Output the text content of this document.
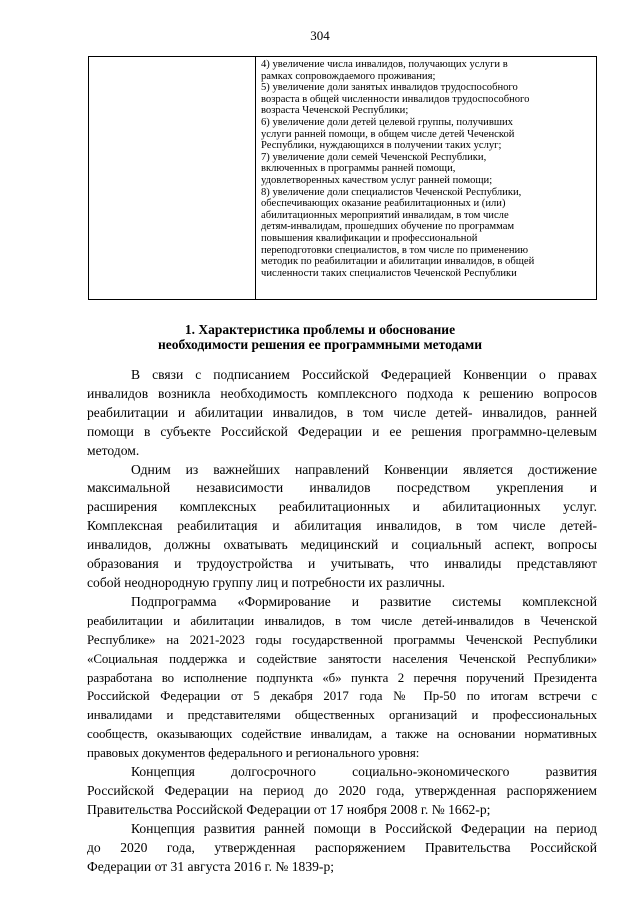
304
4) увеличение числа инвалидов, получающих услуги в
рамках сопровождаемого проживания;
5) увеличение доли занятых инвалидов трудоспособного
возраста в общей численности инвалидов трудоспособного
возраста Чеченской Республики;
6) увеличение доли детей целевой группы, получивших
услуги ранней помощи, в общем числе детей Чеченской
Республики, нуждающихся в получении таких услуг;
7) увеличение доли семей Чеченской Республики,
включенных в программы ранней помощи,
удовлетворенных качеством услуг ранней помощи;
8) увеличение доли специалистов Чеченской Республики,
обеспечивающих оказание реабилитационных и (или)
абилитационных мероприятий инвалидам, в том числе
детям-инвалидам, прошедших обучение по программам
повышения квалификации и профессиональной
переподготовки специалистов, в том числе по применению
методик по реабилитации и абилитации инвалидов, в общей
численности таких специалистов Чеченской Республики
1. Характеристика проблемы и обоснование
необходимости решения ее программными методами
В связи с подписанием Российской Федерацией Конвенции о правах
инвалидов возникла необходимость комплексного подхода к решению вопросов
реабилитации и абилитации инвалидов, в том числе детей- инвалидов, ранней
помощи в субъекте Российской Федерации и ее решения программно-целевым
методом.
Одним из важнейших направлений Конвенции является достижение
максимальной независимости инвалидов посредством укрепления и
расширения комплексных реабилитационных и абилитационных услуг.
Комплексная реабилитация и абилитация инвалидов, в том числе детей-
инвалидов, должны охватывать медицинский и социальный аспект, вопросы
образования и трудоустройства и учитывать, что инвалиды представляют
собой неоднородную группу лиц и потребности их различны.
Подпрограмма «Формирование и развитие системы комплексной
реабилитации и абилитации инвалидов, в том числе детей-инвалидов в Чеченской
Республике» на 2021-2023 годы государственной программы Чеченской Республики
«Социальная поддержка и содействие занятости населения Чеченской Республики»
разработана во исполнение подпункта «б» пункта 2 перечня поручений Президента
Российской Федерации от 5 декабря 2017 года № Пр-50 по итогам встречи с
инвалидами и представителями общественных организаций и профессиональных
сообществ, оказывающих содействие инвалидам, а также на основании нормативных
правовых документов федерального и регионального уровня:
Концепция долгосрочного социально-экономического развития
Российской Федерации на период до 2020 года, утвержденная распоряжением
Правительства Российской Федерации от 17 ноября 2008 г. № 1662-р;
Концепция развития ранней помощи в Российской Федерации на период
до 2020 года, утвержденная распоряжением Правительства Российской
Федерации от 31 августа 2016 г. № 1839-р;
